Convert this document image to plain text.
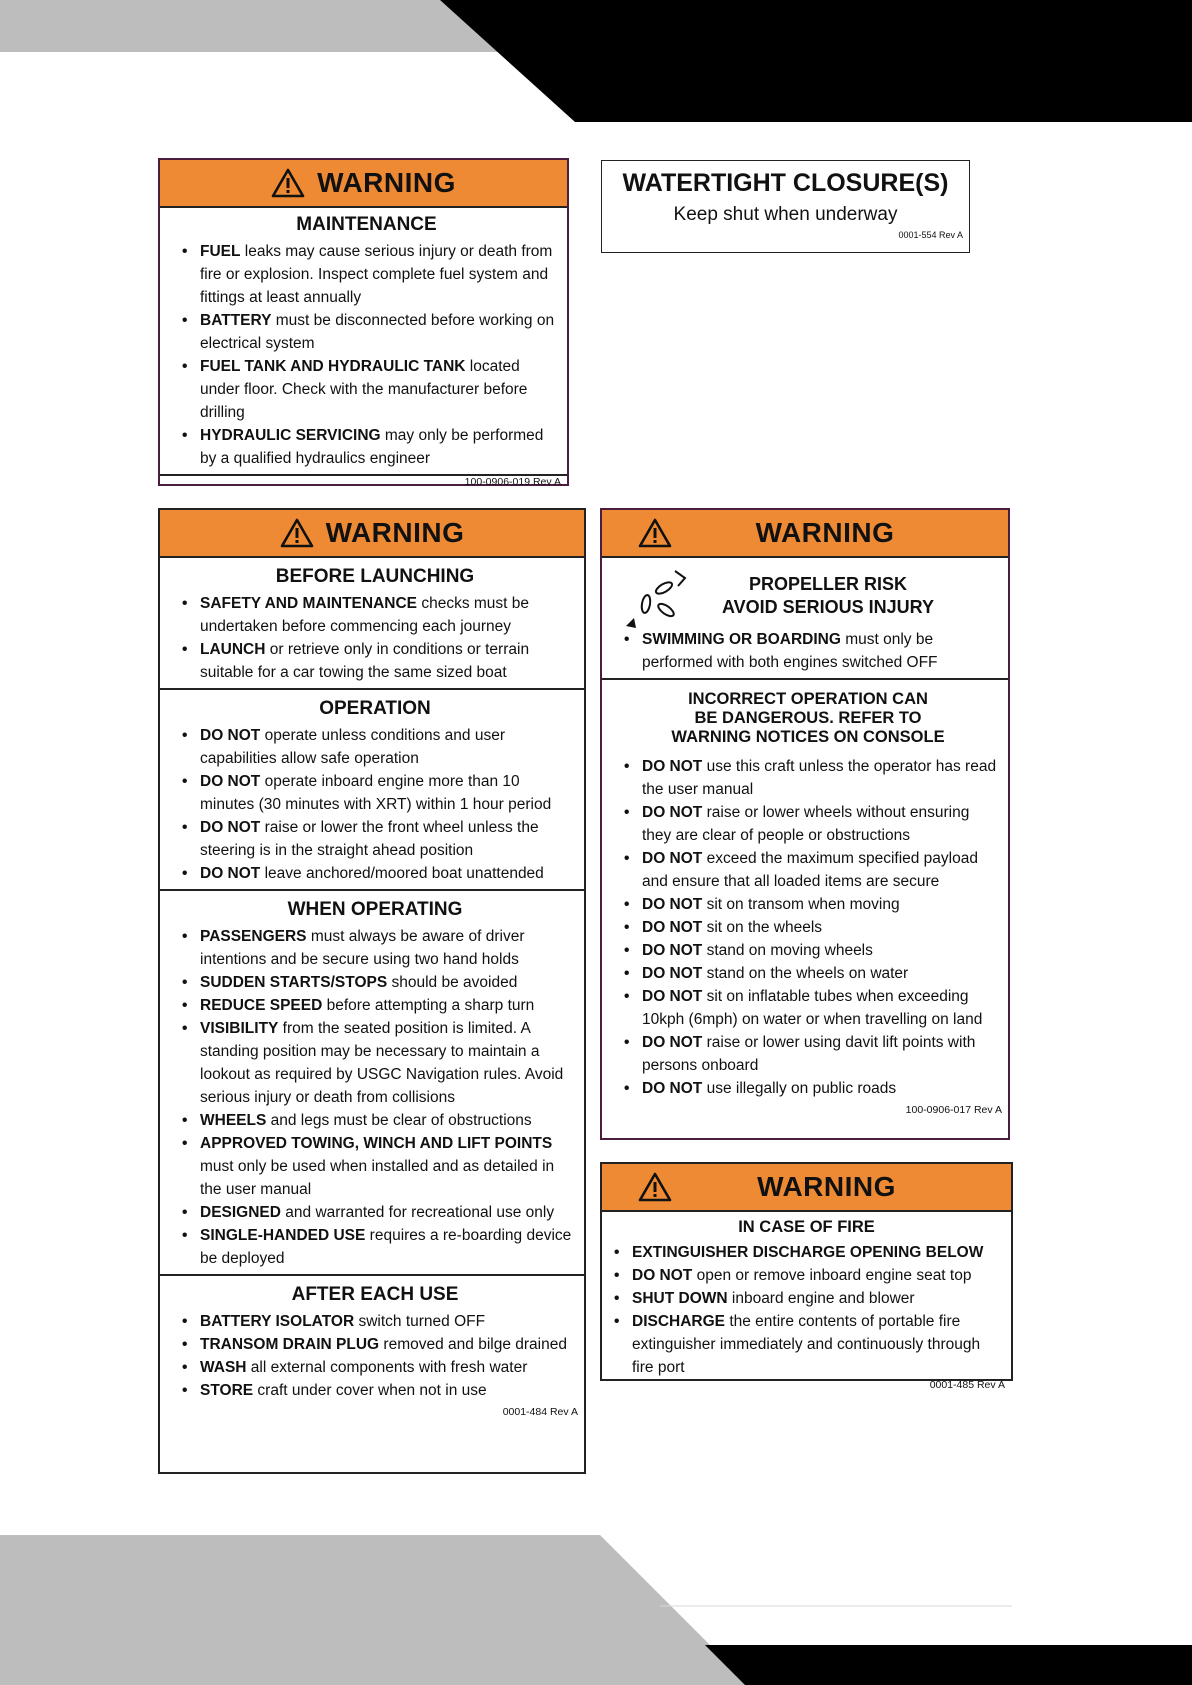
WARNING
MAINTENANCE
• FUEL leaks may cause serious injury or death from fire or explosion. Inspect complete fuel system and fittings at least annually
• BATTERY must be disconnected before working on electrical system
• FUEL TANK AND HYDRAULIC TANK located under floor. Check with the manufacturer before drilling
• HYDRAULIC SERVICING may only be performed by a qualified hydraulics engineer
100-0906-019 Rev A
WATERTIGHT CLOSURE(S)
Keep shut when underway
0001-554 Rev A
WARNING
BEFORE LAUNCHING
• SAFETY AND MAINTENANCE checks must be undertaken before commencing each journey
• LAUNCH or retrieve only in conditions or terrain suitable for a car towing the same sized boat
OPERATION
• DO NOT operate unless conditions and user capabilities allow safe operation
• DO NOT operate inboard engine more than 10 minutes (30 minutes with XRT) within 1 hour period
• DO NOT raise or lower the front wheel unless the steering is in the straight ahead position
• DO NOT leave anchored/moored boat unattended
WHEN OPERATING
• PASSENGERS must always be aware of driver intentions and be secure using two hand holds
• SUDDEN STARTS/STOPS should be avoided
• REDUCE SPEED before attempting a sharp turn
• VISIBILITY from the seated position is limited. A standing position may be necessary to maintain a lookout as required by USGC Navigation rules. Avoid serious injury or death from collisions
• WHEELS and legs must be clear of obstructions
• APPROVED TOWING, WINCH AND LIFT POINTS must only be used when installed and as detailed in the user manual
• DESIGNED and warranted for recreational use only
• SINGLE-HANDED USE requires a re-boarding device be deployed
AFTER EACH USE
• BATTERY ISOLATOR switch turned OFF
• TRANSOM DRAIN PLUG removed and bilge drained
• WASH all external components with fresh water
• STORE craft under cover when not in use
0001-484 Rev A
WARNING
PROPELLER RISK
AVOID SERIOUS INJURY
• SWIMMING OR BOARDING must only be performed with both engines switched OFF
INCORRECT OPERATION CAN
BE DANGEROUS. REFER TO
WARNING NOTICES ON CONSOLE
• DO NOT use this craft unless the operator has read the user manual
• DO NOT raise or lower wheels without ensuring they are clear of people or obstructions
• DO NOT exceed the maximum specified payload and ensure that all loaded items are secure
• DO NOT sit on transom when moving
• DO NOT sit on the wheels
• DO NOT stand on moving wheels
• DO NOT stand on the wheels on water
• DO NOT sit on inflatable tubes when exceeding 10kph (6mph) on water or when travelling on land
• DO NOT raise or lower using davit lift points with persons onboard
• DO NOT use illegally on public roads
100-0906-017 Rev A
WARNING
IN CASE OF FIRE
• EXTINGUISHER DISCHARGE OPENING BELOW
• DO NOT open or remove inboard engine seat top
• SHUT DOWN inboard engine and blower
• DISCHARGE the entire contents of portable fire extinguisher immediately and continuously through fire port
0001-485 Rev A
